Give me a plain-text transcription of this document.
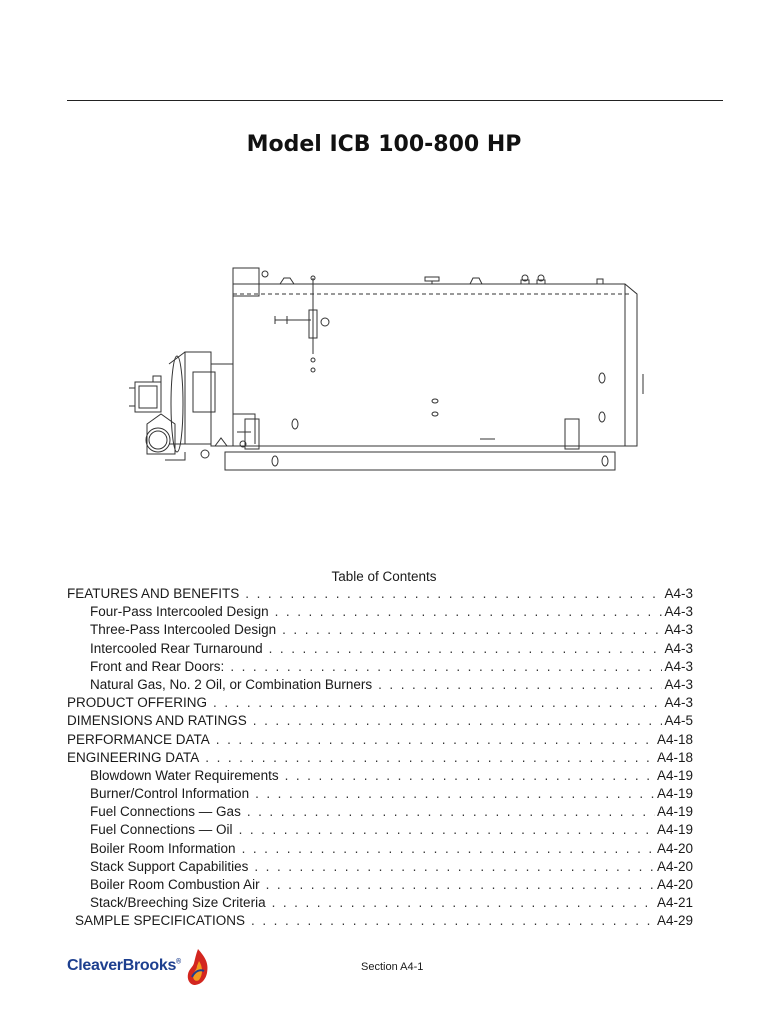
Model ICB 100-800 HP
Table of Contents
FEATURES AND BENEFITS . . .	A4-3
Four-Pass Intercooled Design . . .	A4-3
Three-Pass Intercooled Design . . .	A4-3
Intercooled Rear Turnaround . . .	A4-3
Front and Rear Doors: . . .	A4-3
Natural Gas, No. 2 Oil, or Combination Burners . . .	A4-3
PRODUCT OFFERING . . .	A4-3
DIMENSIONS AND RATINGS . . .	A4-5
PERFORMANCE DATA . . .	A4-18
ENGINEERING DATA . . .	A4-18
Blowdown Water Requirements . . .	A4-19
Burner/Control Information . . .	A4-19
Fuel Connections — Gas . . .	A4-19
Fuel Connections — Oil . . .	A4-19
Boiler Room Information . . .	A4-20
Stack Support Capabilities . . .	A4-20
Boiler Room Combustion Air . . .	A4-20
Stack/Breeching Size Criteria . . .	A4-21
SAMPLE SPECIFICATIONS . . .	A4-29
CleaverBrooks®	Section A4-1
